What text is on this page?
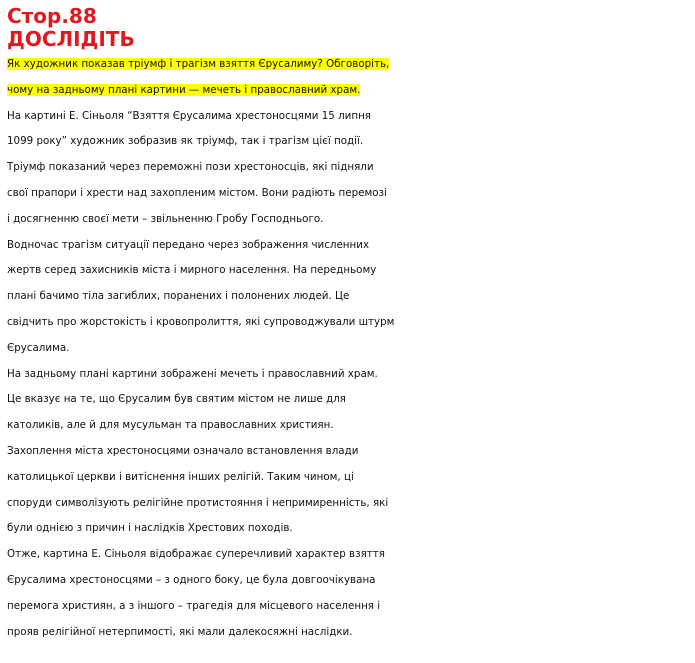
Стор.88
ДОСЛІДІТЬ
Як художник показав тріумф і трагізм взяття Єрусалиму? Обговоріть,
чому на задньому плані картини — мечеть і православний храм.
На картині Е. Сіньоля “Взяття Єрусалима хрестоносцями 15 липня
1099 року” художник зобразив як тріумф, так і трагізм цієї події.
Тріумф показаний через переможні пози хрестоносців, які підняли
свої прапори і хрести над захопленим містом. Вони радіють перемозі
і досягненню своєї мети – звільненню Гробу Господнього.
Водночас трагізм ситуації передано через зображення численних
жертв серед захисників міста і мирного населення. На передньому
плані бачимо тіла загиблих, поранених і полонених людей. Це
свідчить про жорстокість і кровопролиття, які супроводжували штурм
Єрусалима.
На задньому плані картини зображені мечеть і православний храм.
Це вказує на те, що Єрусалим був святим містом не лише для
католиків, але й для мусульман та православних християн.
Захоплення міста хрестоносцями означало встановлення влади
католицької церкви і витіснення інших релігій. Таким чином, ці
споруди символізують релігійне протистояння і непримиренність, які
були однією з причин і наслідків Хрестових походів.
Отже, картина Е. Сіньоля відображає суперечливий характер взяття
Єрусалима хрестоносцями – з одного боку, це була довгоочікувана
перемога християн, а з іншого – трагедія для місцевого населення і
прояв релігійної нетерпимості, які мали далекосяжні наслідки.
